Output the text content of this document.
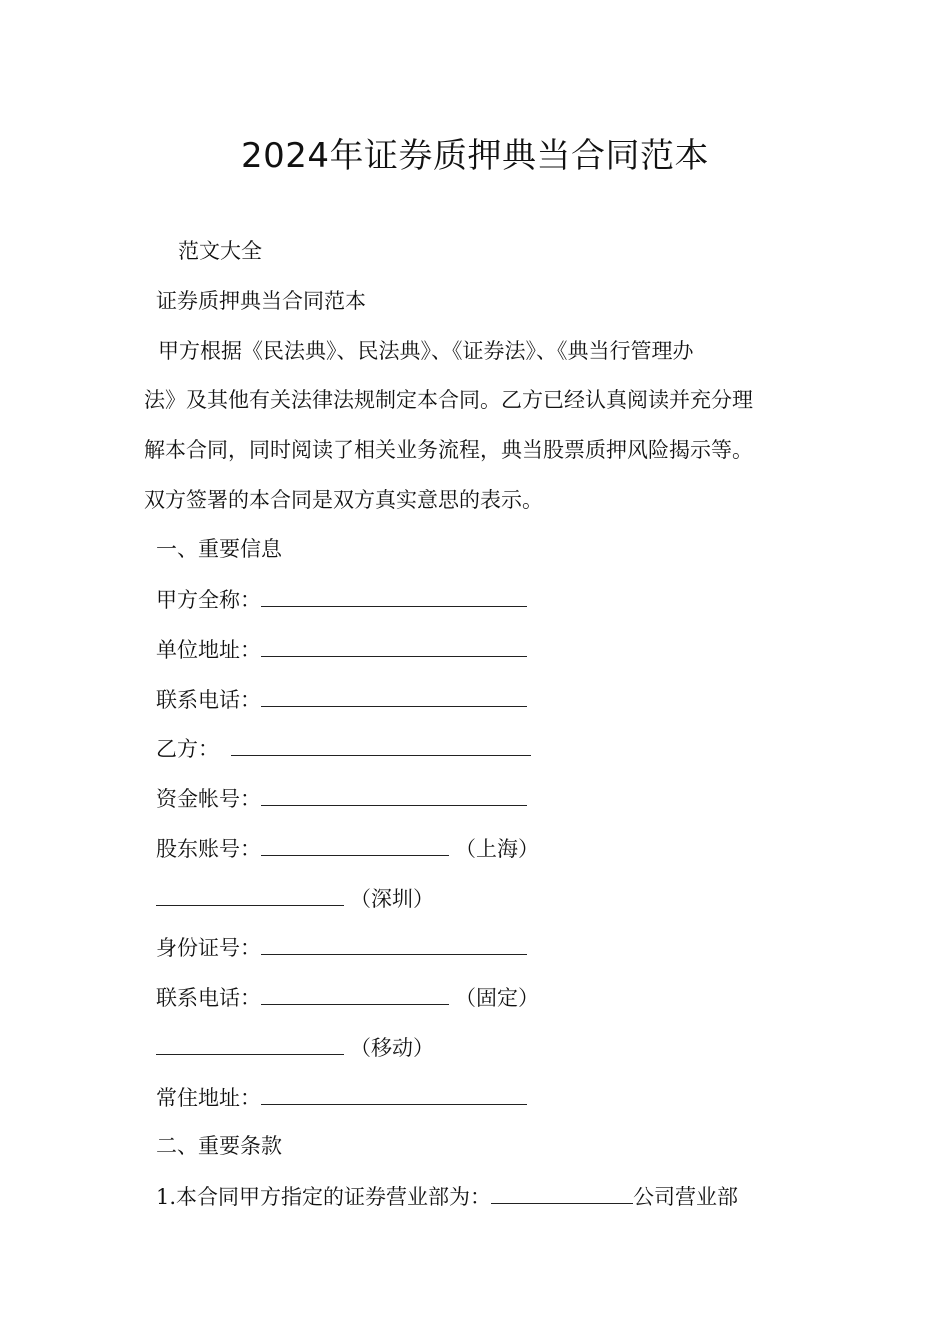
2024年证券质押典当合同范本
范文大全
证券质押典当合同范本
甲方根据《民法典》、民法典》、《证券法》、《典当行管理办
法》及其他有关法律法规制定本合同。乙方已经认真阅读并充分理
解本合同，同时阅读了相关业务流程，典当股票质押风险揭示等。
双方签署的本合同是双方真实意思的表示。
一、重要信息
甲方全称：
单位地址：
联系电话：
乙方：
资金帐号：
股东账号：	（上海）
（深圳）
身份证号：
联系电话：	（固定）
（移动）
常住地址：
二、重要条款
1.本合同甲方指定的证券营业部为：	公司营业部
